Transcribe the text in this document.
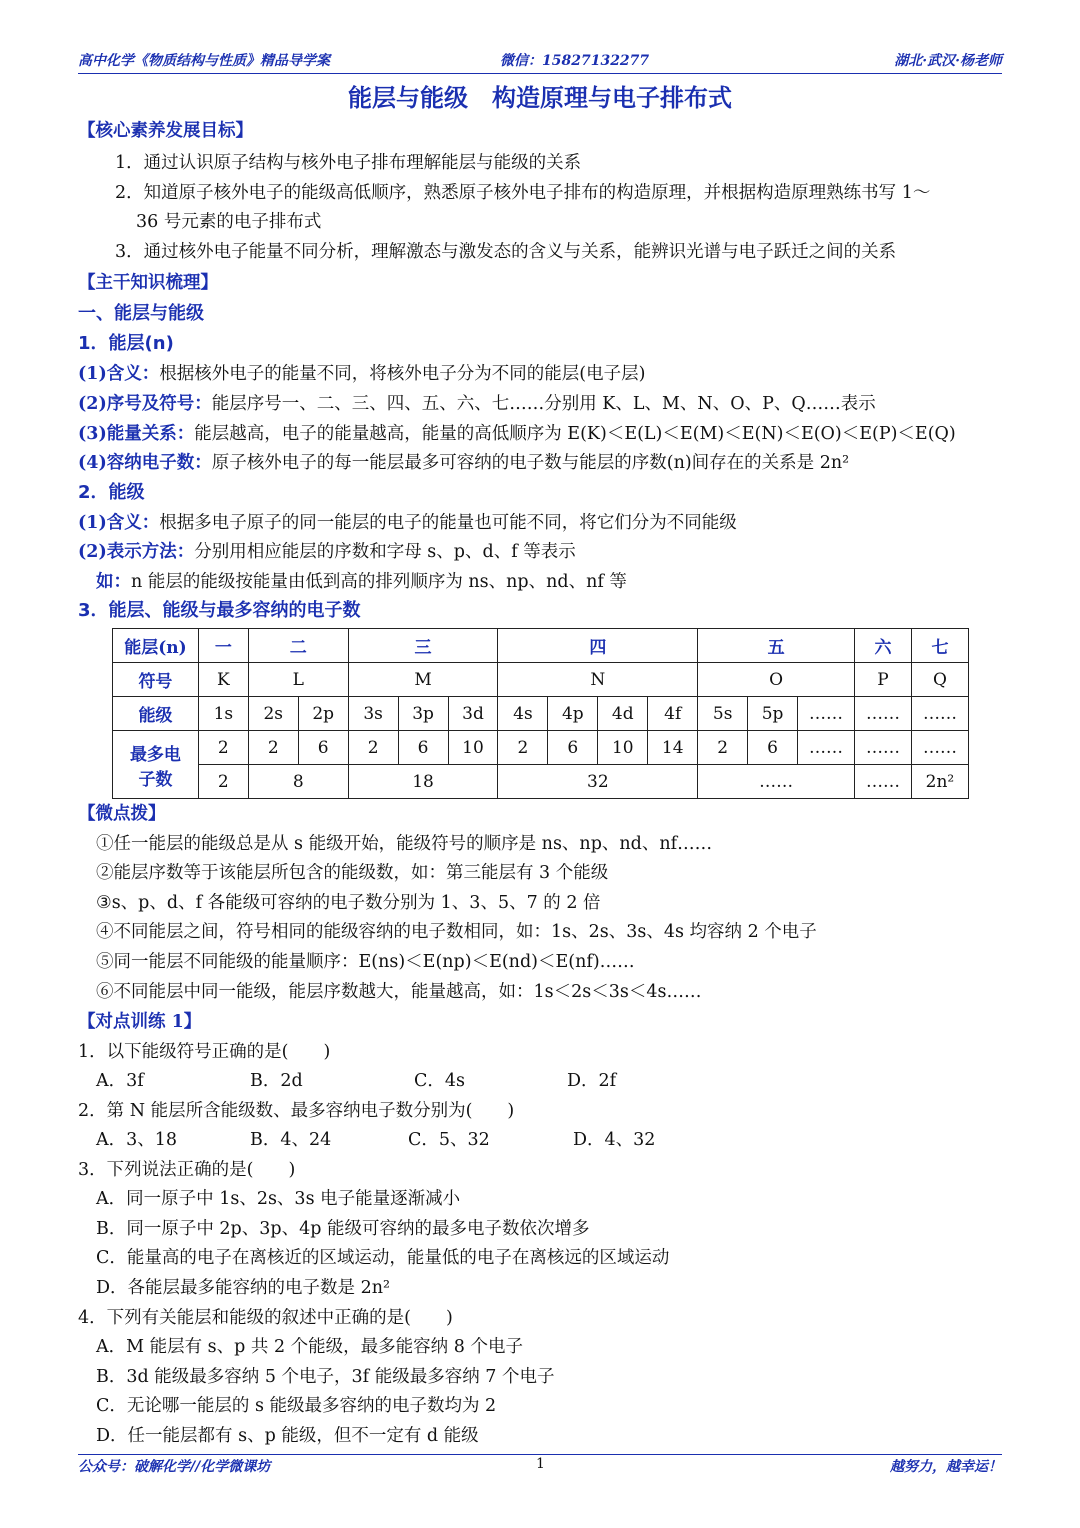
高中化学《物质结构与性质》精品导学案	微信：15827132277	湖北·武汉·杨老师
能层与能级　构造原理与电子排布式
【核心素养发展目标】
1．通过认识原子结构与核外电子排布理解能层与能级的关系
2．知道原子核外电子的能级高低顺序，熟悉原子核外电子排布的构造原理，并根据构造原理熟练书写 1～
36 号元素的电子排布式
3．通过核外电子能量不同分析，理解激态与激发态的含义与关系，能辨识光谱与电子跃迁之间的关系
【主干知识梳理】
一、能层与能级
1．能层(n)
(1)含义：根据核外电子的能量不同，将核外电子分为不同的能层(电子层)
(2)序号及符号：能层序号一、二、三、四、五、六、七……分别用 K、L、M、N、O、P、Q……表示
(3)能量关系：能层越高，电子的能量越高，能量的高低顺序为 E(K)＜E(L)＜E(M)＜E(N)＜E(O)＜E(P)＜E(Q)
(4)容纳电子数：原子核外电子的每一能层最多可容纳的电子数与能层的序数(n)间存在的关系是 2n²
2．能级
(1)含义：根据多电子原子的同一能层的电子的能量也可能不同，将它们分为不同能级
(2)表示方法：分别用相应能层的序数和字母 s、p、d、f 等表示
如：n 能层的能级按能量由低到高的排列顺序为 ns、np、nd、nf 等
3．能层、能级与最多容纳的电子数
能层(n)	一	二		三			四				五			六	七
符号	K	L		M			N				O			P	Q
能级	1s	2s	2p	3s	3p	3d	4s	4p	4d	4f	5s	5p	……	……	……
最多电
子数	2	2	6	2	6	10	2	6	10	14	2	6	……	……	……
	2	8		18			32				……			……	2n²
【微点拨】
①任一能层的能级总是从 s 能级开始，能级符号的顺序是 ns、np、nd、nf……
②能层序数等于该能层所包含的能级数，如：第三能层有 3 个能级
③s、p、d、f 各能级可容纳的电子数分别为 1、3、5、7 的 2 倍
④不同能层之间，符号相同的能级容纳的电子数相同，如：1s、2s、3s、4s 均容纳 2 个电子
⑤同一能层不同能级的能量顺序：E(ns)＜E(np)＜E(nd)＜E(nf)……
⑥不同能层中同一能级，能层序数越大，能量越高，如：1s＜2s＜3s＜4s……
【对点训练 1】
1．以下能级符号正确的是(　　)
A．3f	B．2d	C．4s	D．2f
2．第 N 能层所含能级数、最多容纳电子数分别为(　　)
A．3、18	B．4、24	C．5、32	D．4、32
3．下列说法正确的是(　　)
A．同一原子中 1s、2s、3s 电子能量逐渐减小
B．同一原子中 2p、3p、4p 能级可容纳的最多电子数依次增多
C．能量高的电子在离核近的区域运动，能量低的电子在离核远的区域运动
D．各能层最多能容纳的电子数是 2n²
4．下列有关能层和能级的叙述中正确的是(　　)
A．M 能层有 s、p 共 2 个能级，最多能容纳 8 个电子
B．3d 能级最多容纳 5 个电子，3f 能级最多容纳 7 个电子
C．无论哪一能层的 s 能级最多容纳的电子数均为 2
D．任一能层都有 s、p 能级，但不一定有 d 能级
公众号：破解化学//化学微课坊	1	越努力，越幸运！
